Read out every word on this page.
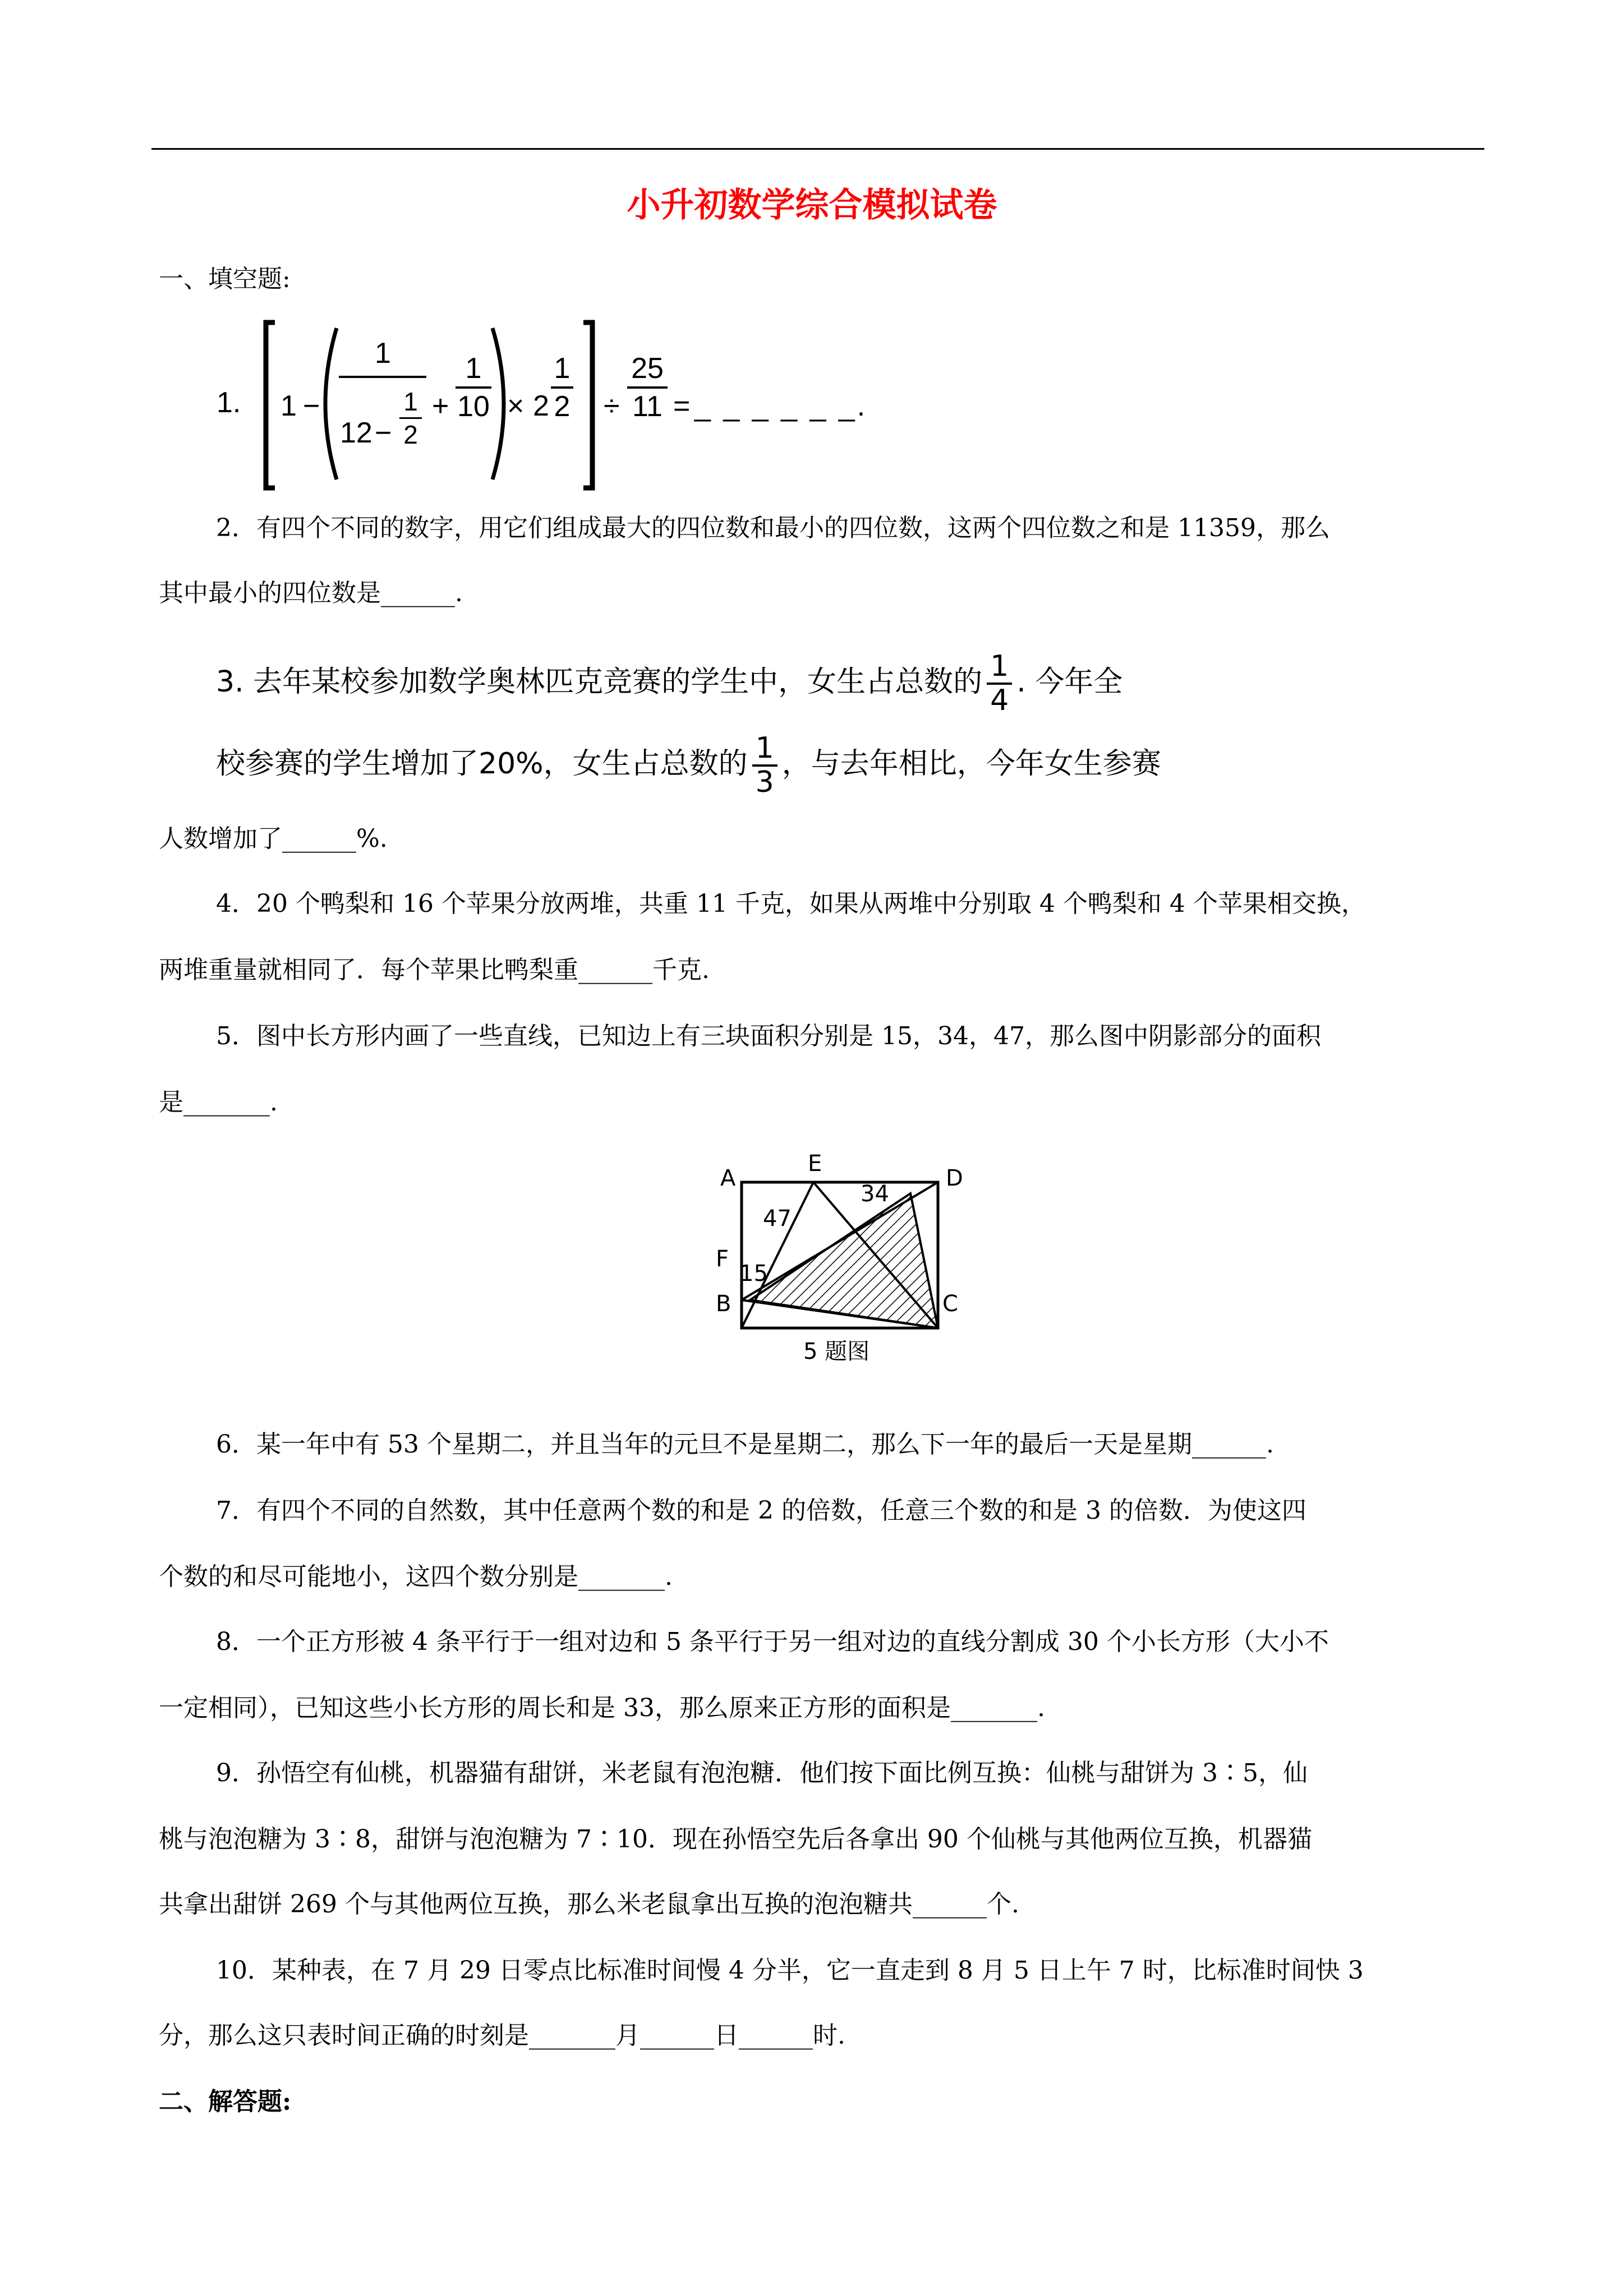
小升初数学综合模拟试卷
一、填空题:
1. 1 −
1
$12 - \frac{1}{2} + \frac{1}{10} \times 2 \frac{1}{2} \div \frac{25}{11}$ = _ _ _ _ _ _.
2．有四个不同的数字，用它们组成最大的四位数和最小的四位数，这两个四位数之和是 11359，那么
其中最小的四位数是______.
3. 去年某校参加数学奥林匹克竞赛的学生中，女生占总数的 $\frac{1}{4}$ . 今年全
校参赛的学生增加了20%，女生占总数的 $\frac{1}{3}$ ，与去年相比，今年女生参赛
人数增加了______%.
4．20 个鸭梨和 16 个苹果分放两堆，共重 11 千克，如果从两堆中分别取 4 个鸭梨和 4 个苹果相交换，
两堆重量就相同了．每个苹果比鸭梨重______千克.
5．图中长方形内画了一些直线，已知边上有三块面积分别是 15，34，47，那么图中阴影部分的面积
是_______.
A
E
D
F
B	C
47
34
15
5 题图
6．某一年中有 53 个星期二，并且当年的元旦不是星期二，那么下一年的最后一天是星期______.
7．有四个不同的自然数，其中任意两个数的和是 2 的倍数，任意三个数的和是 3 的倍数．为使这四
个数的和尽可能地小，这四个数分别是_______.
8．一个正方形被 4 条平行于一组对边和 5 条平行于另一组对边的直线分割成 30 个小长方形（大小不
一定相同），已知这些小长方形的周长和是 33，那么原来正方形的面积是_______.
9．孙悟空有仙桃，机器猫有甜饼，米老鼠有泡泡糖．他们按下面比例互换：仙桃与甜饼为 3∶5，仙
桃与泡泡糖为 3∶8，甜饼与泡泡糖为 7∶10．现在孙悟空先后各拿出 90 个仙桃与其他两位互换，机器猫
共拿出甜饼 269 个与其他两位互换，那么米老鼠拿出互换的泡泡糖共______个.
10．某种表，在 7 月 29 日零点比标准时间慢 4 分半，它一直走到 8 月 5 日上午 7 时，比标准时间快 3
分，那么这只表时间正确的时刻是_______月______日______时.
二、解答题:
